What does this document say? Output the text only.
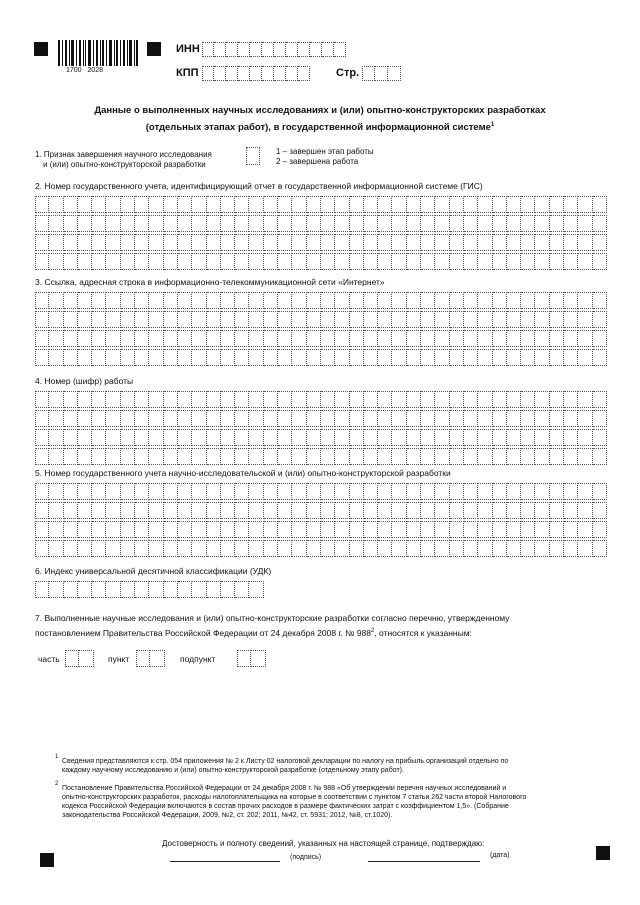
1700   2028
ИНН
КПП	Стр.
Данные о выполненных научных исследованиях и (или) опытно-конструкторских разработках
(отдельных этапах работ), в государственной информационной системе$^1$
1. Признак завершения научного исследования
и (или) опытно-конструкторской разработки
1 – завершен этап работы
2 – завершена работа
2. Номер государственного учета, идентифицирующий отчет в государственной информационной системе (ГИС)
3. Ссылка, адресная строка в информационно-телекоммуникационной сети «Интернет»
4. Номер (шифр) работы
5. Номер государственного учета научно-исследовательской и (или) опытно-конструкторской разработки
6. Индекс универсальной десятичной классификации (УДК)
7. Выполненные научные исследования и (или) опытно-конструкторские разработки согласно перечню, утвержденному
постановлением Правительства Российской Федерации от 24 декабря 2008 г. № $988^2$, относятся к указанным:
часть	пункт	подпункт
1
Сведения представляются к стр. 054 приложения № 2 к Листу 02 налоговой декларации по налогу на прибыль организаций отдельно по
каждому научному исследованию и (или) опытно-конструкторской разработке (отдельному этапу работ).
2
Постановление Правительства Российской Федерации от 24 декабря 2008 г. № 988 «Об утверждении перечня научных исследований и
опытно-конструкторских разработок, расходы налогоплательщика на которые в соответствии с пунктом 7 статьи 262 части второй Налогового
кодекса Российской Федерации включаются в состав прочих расходов в размере фактических затрат с коэффициентом 1,5». (Собрание
законодательства Российской Федерации, 2009, №2, ст. 202; 2011, №42, ст. 5931; 2012, №8, ст.1020).
Достоверность и полноту сведений, указанных на настоящей странице, подтверждаю:
(подпись)	(дата)
